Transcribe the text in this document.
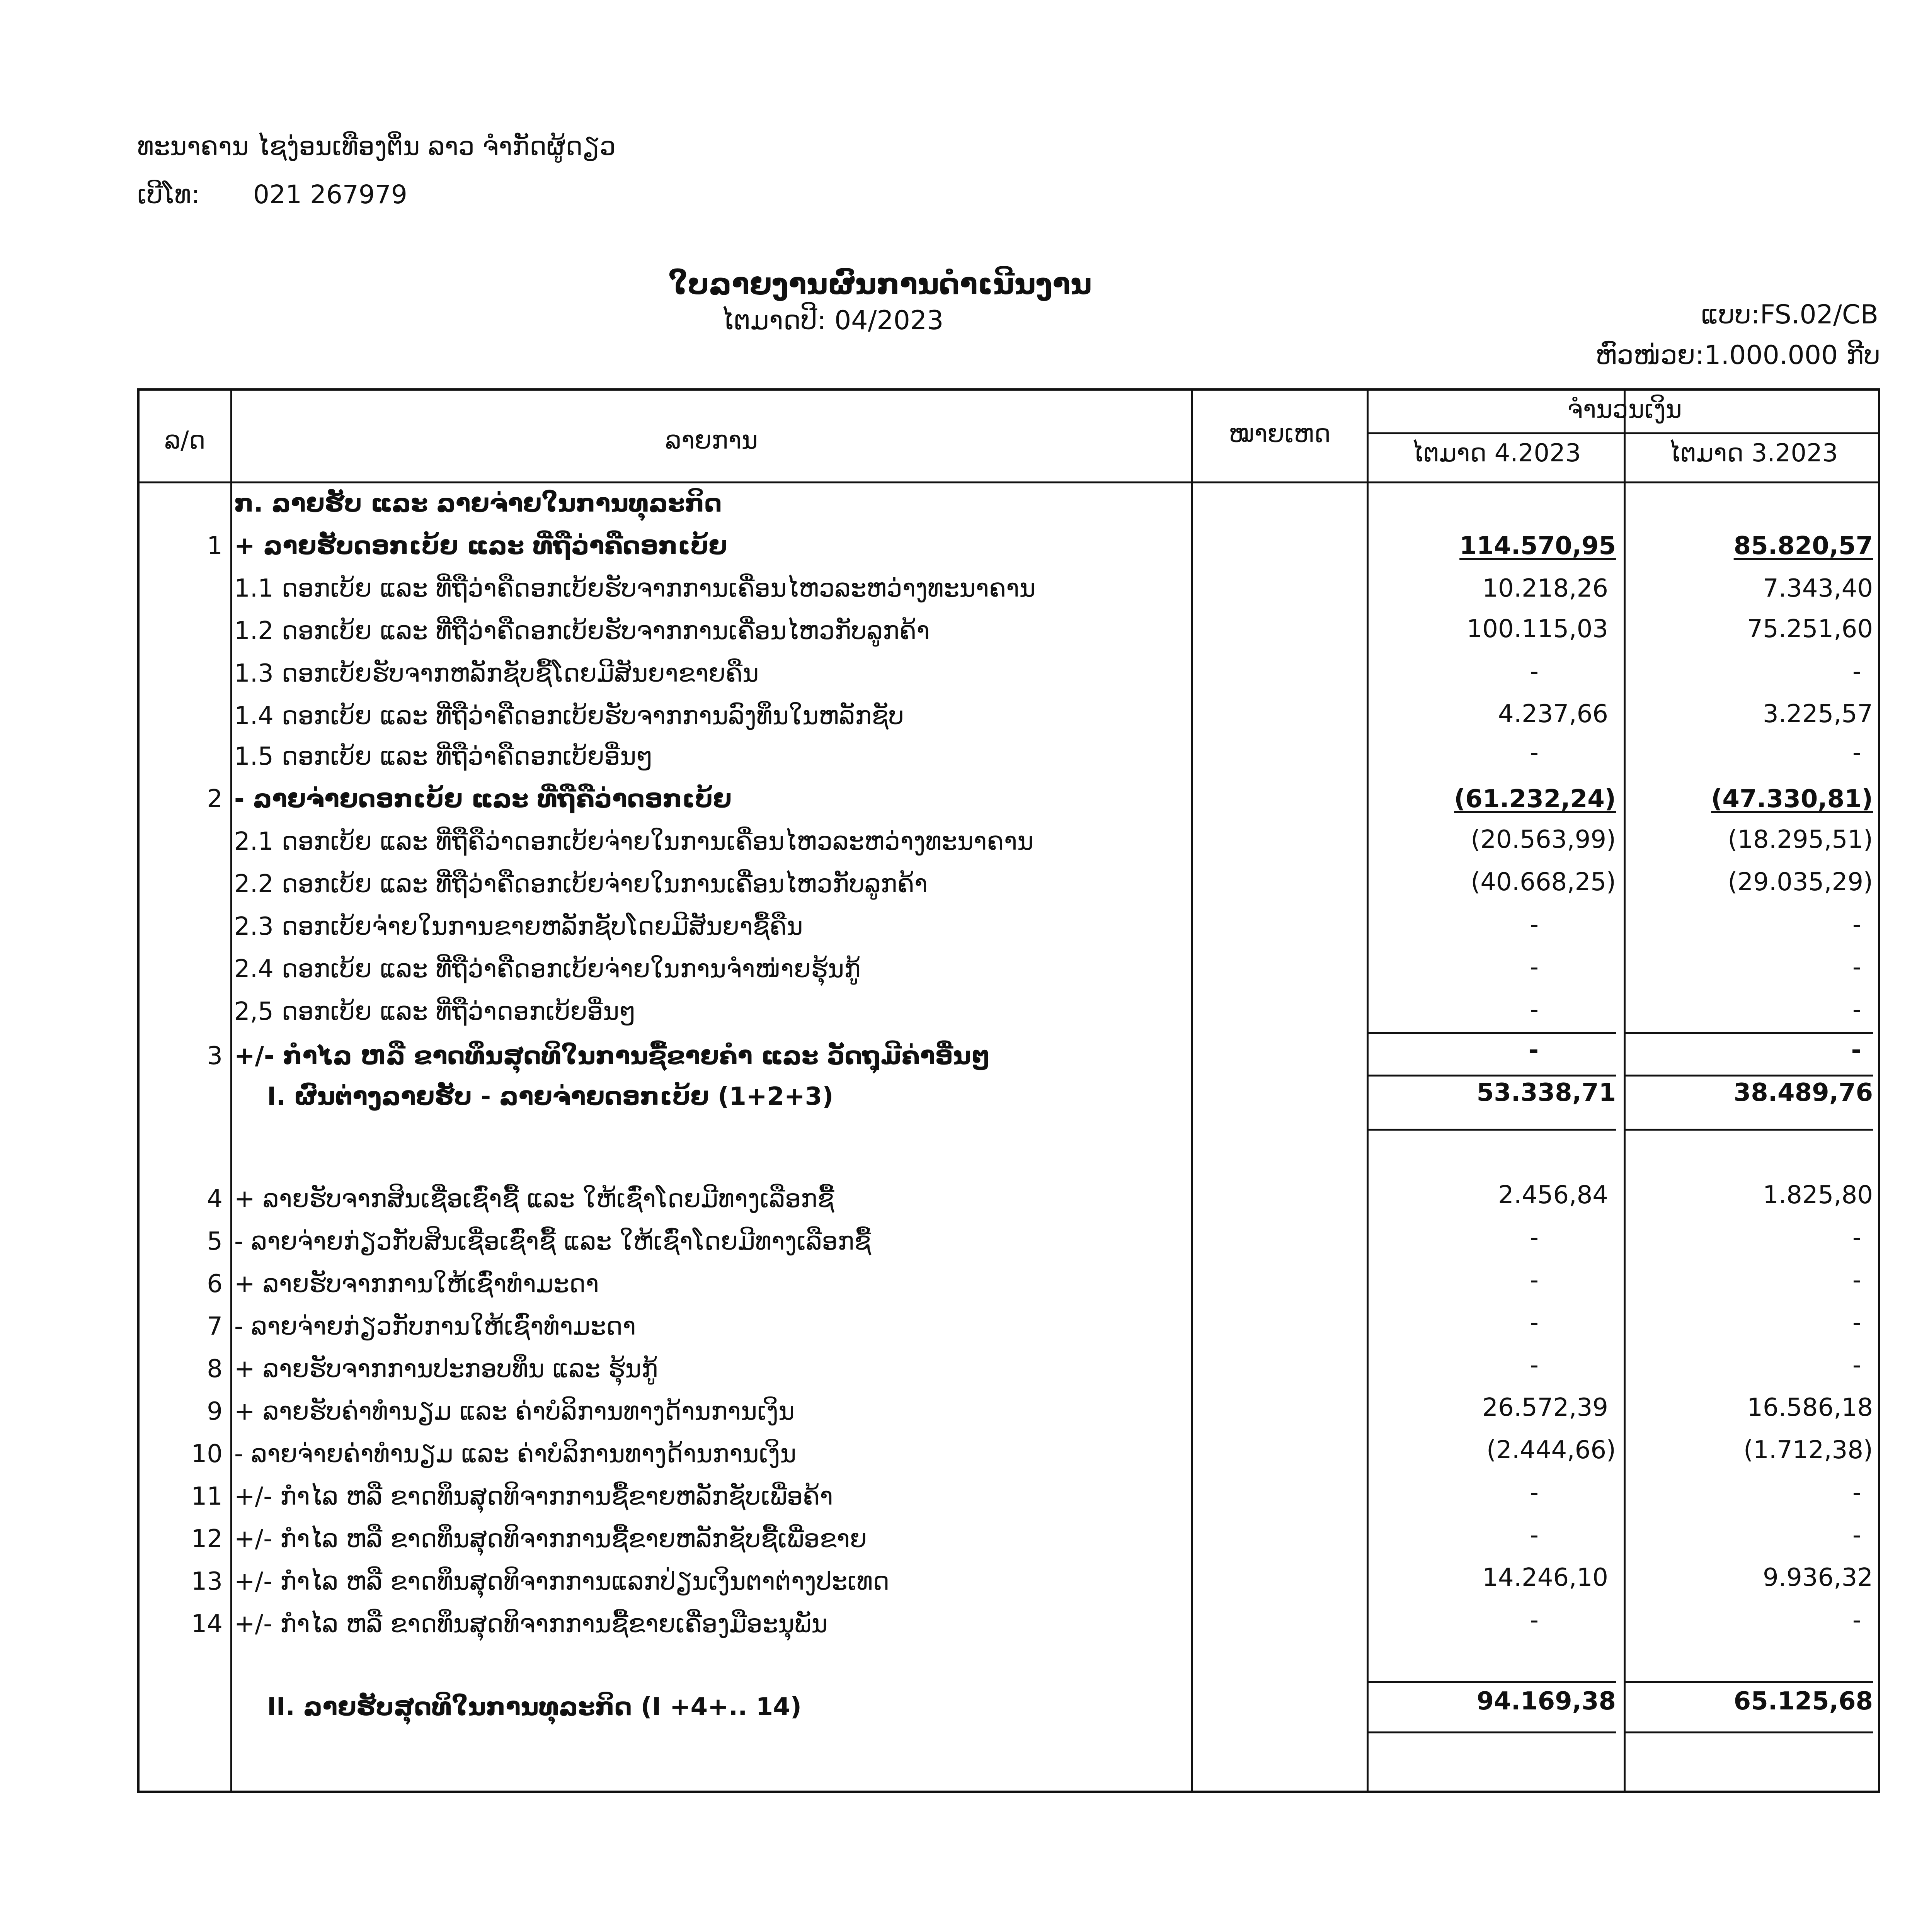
ທະນາຄານ ໄຊງ່ອນເທືອງຕຶ່ນ ລາວ ຈຳກັດຜູ້ດຽວ
ເບີໂທ: 021 267979
ໃບລາຍງານຜົນການດຳເນີນງານ
ໄຕມາດປີ: 04/2023	ແບບ:FS.02/CB
ຫົວໜ່ວຍ:1.000.000 ກີບ
ລ/ດ	ລາຍການ	ໝາຍເຫດ
ຈຳນວນເງິນ
ໄຕມາດ 4.2023	ໄຕມາດ 3.2023
ກ. ລາຍຮັບ ແລະ ລາຍຈ່າຍໃນການທຸລະກິດ
1 + ລາຍຮັບດອກເບ້ຍ ແລະ ທີ່ຖືວ່າຄືດອກເບ້ຍ	114.570,95	85.820,57
1.1 ດອກເບ້ຍ ແລະ ທີ່ຖືວ່າຄືດອກເບ້ຍຮັບຈາກການເຄື່ອນໄຫວລະຫວ່າງທະນາຄານ	10.218,26	7.343,40
1.2 ດອກເບ້ຍ ແລະ ທີ່ຖືວ່າຄືດອກເບ້ຍຮັບຈາກການເຄື່ອນໄຫວກັບລູກຄ້າ	100.115,03	75.251,60
1.3 ດອກເບ້ຍຮັບຈາກຫລັກຊັບຊື້ໂດຍມີສັນຍາຂາຍຄືນ	-	-
1.4 ດອກເບ້ຍ ແລະ ທີ່ຖືວ່າຄືດອກເບ້ຍຮັບຈາກການລົງທຶນໃນຫລັກຊັບ	4.237,66	3.225,57
1.5 ດອກເບ້ຍ ແລະ ທີ່ຖືວ່າຄືດອກເບ້ຍອື່ນໆ	-	-
2 - ລາຍຈ່າຍດອກເບ້ຍ ແລະ ທີ່ຖືຄືວ່າດອກເບ້ຍ	(61.232,24)	(47.330,81)
2.1 ດອກເບ້ຍ ແລະ ທີ່ຖືຄືວ່າດອກເບ້ຍຈ່າຍໃນການເຄື່ອນໄຫວລະຫວ່າງທະນາຄານ	(20.563,99)	(18.295,51)
2.2 ດອກເບ້ຍ ແລະ ທີ່ຖືວ່າຄືດອກເບ້ຍຈ່າຍໃນການເຄື່ອນໄຫວກັບລູກຄ້າ	(40.668,25)	(29.035,29)
2.3 ດອກເບ້ຍຈ່າຍໃນການຂາຍຫລັກຊັບໂດຍມີສັນຍາຊື້ຄືນ	-	-
2.4 ດອກເບ້ຍ ແລະ ທີ່ຖືວ່າຄືດອກເບ້ຍຈ່າຍໃນການຈຳໜ່າຍຮຸ້ນກູ້	-	-
2,5 ດອກເບ້ຍ ແລະ ທີ່ຖືວ່າດອກເບ້ຍອື່ນໆ	-	-
3 +/- ກຳໄລ ຫລື ຂາດທຶນສຸດທິໃນການຊື້ຂາຍຄຳ ແລະ ວັດຖຸມີຄ່າອື່ນໆ	-	-
I. ຜົນຕ່າງລາຍຮັບ - ລາຍຈ່າຍດອກເບ້ຍ (1+2+3)	53.338,71	38.489,76
4 + ລາຍຮັບຈາກສິນເຊື່ອເຊົ່າຊື້ ແລະ ໃຫ້ເຊົ່າໂດຍມີທາງເລືອກຊື້	2.456,84	1.825,80
5 - ລາຍຈ່າຍກ່ຽວກັບສິນເຊື່ອເຊົ່າຊື້ ແລະ ໃຫ້ເຊົ່າໂດຍມີທາງເລືອກຊື້	-	-
6 + ລາຍຮັບຈາກການໃຫ້ເຊົ່າທຳມະດາ	-	-
7 - ລາຍຈ່າຍກ່ຽວກັບການໃຫ້ເຊົ່າທຳມະດາ	-	-
8 + ລາຍຮັບຈາກການປະກອບທຶນ ແລະ ຮຸ້ນກູ້	-	-
9 + ລາຍຮັບຄ່າທຳນຽມ ແລະ ຄ່າບໍລິການທາງດ້ານການເງິນ	26.572,39	16.586,18
10 - ລາຍຈ່າຍຄ່າທຳນຽມ ແລະ ຄ່າບໍລິການທາງດ້ານການເງິນ	(2.444,66)	(1.712,38)
11 +/- ກຳໄລ ຫລື ຂາດທຶນສຸດທິຈາກການຊື້ຂາຍຫລັກຊັບເພື່ອຄ້າ	-	-
12 +/- ກຳໄລ ຫລື ຂາດທຶນສຸດທິຈາກການຊື້ຂາຍຫລັກຊັບຊື້ເພື່ອຂາຍ	-	-
13 +/- ກຳໄລ ຫລື ຂາດທຶນສຸດທິຈາກການແລກປ່ຽນເງິນຕາຕ່າງປະເທດ	14.246,10	9.936,32
14 +/- ກຳໄລ ຫລື ຂາດທຶນສຸດທິຈາກການຊື້ຂາຍເຄື່ອງມືອະນຸພັນ	-	-
II. ລາຍຮັບສຸດທິໃນການທຸລະກິດ (I +4+.. 14)	94.169,38	65.125,68
